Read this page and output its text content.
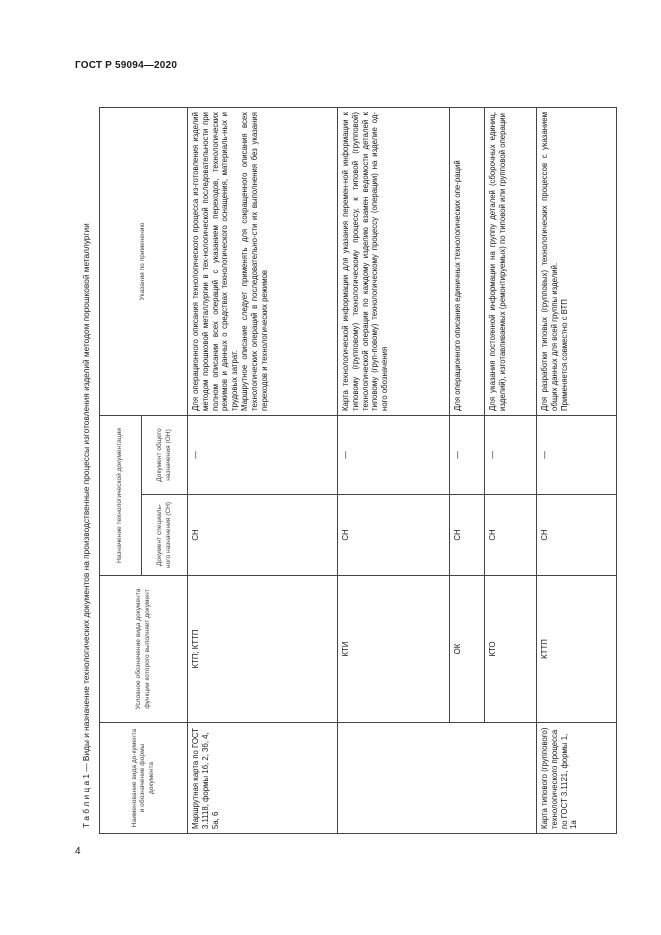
ГОСТ Р 59094—2020
Т а б л и ц а 1 — Виды и назначение технологических документов на производственные процессы изготовления изделий методом порошковой металлургии	Наименование вида до-кумента и обозначение формы документа	Условное обозначение вида документа функции которого выполняет документ	Назначение технологической документации		Указания по применению
		Документ специаль-ного назначения (СН)	Документ общего назначения (ОН)	
Маршрутная карта по ГОСТ 3.1118, формы 1б, 2, 3б, 4, 5а, 6	КТП; КТТП	СН	—	Для операционного описания технологического процесса из-готовления изделий методом порошковой металлургии в тех-нологической последовательности при полном описании всех операций с указанием переходов, технологических режимов и данных о средствах технологического оснащения, материаль-ных и трудовых затрат. Маршрутное описание следует применять для сокращенного описания всех технологических операций в последовательно-сти их выполнения без указания переходов и технологических режимов

	КТИ	СН	—	Карта технологической информации для указания перемен-ной информации к типовому (групповому) технологическому процессу, к типовой (групповой) технологической операции по каждому изделию взамен ведомости деталей к типовому (груп-повому) технологическому процессу (операции) на изделие од-ного обозначения

	ОК	СН	—	Для операционного описания единичных технологических опе-раций

	КТО	СН	—	Для указания постоянной информации на группу деталей (сборочных единиц, изделий), изготавливаемых (ремонтируемых) по типовой или групповой операции

Карта типового (группового) технологического процесса по ГОСТ 3.1121, формы 1, 1а	КТТП	СН	—	Для разработки типовых (групповых) технологических процессов с указанием общих данных для всей группы изделий. Применяется совместно с ВТП
4
